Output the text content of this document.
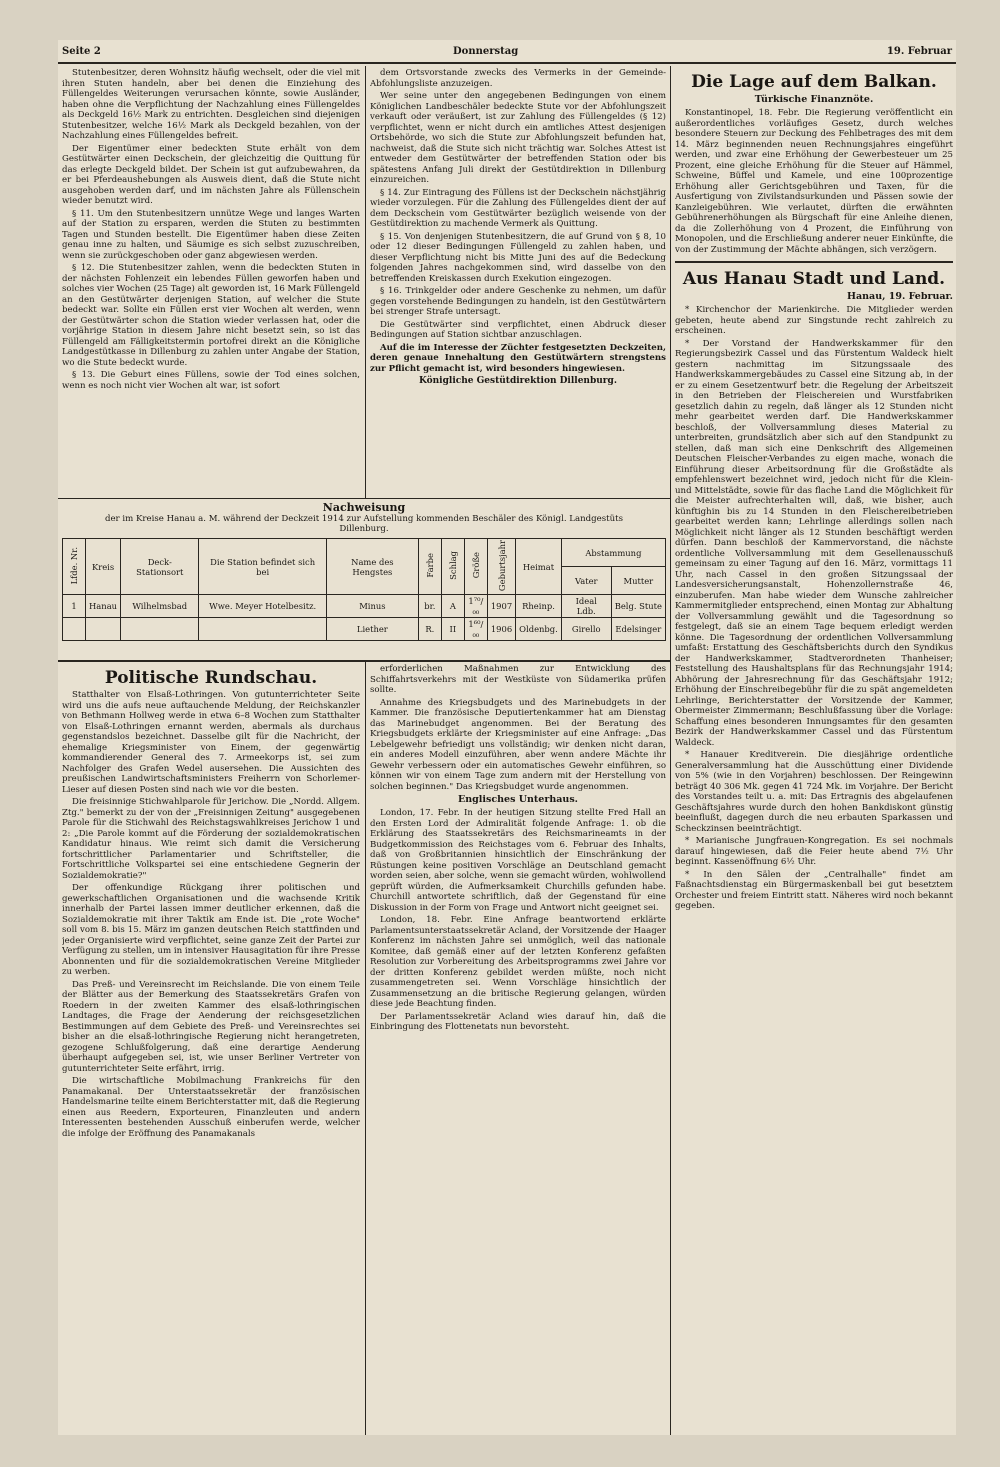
Seite 2	Donnerstag	19. Februar

Stutenbesitzer, deren Wohnsitz häufig wechselt, oder die viel mit ihren Stuten handeln, aber bei denen die Einziehung des Füllengeldes Weiterungen verursachen könnte, sowie Ausländer, haben ohne die Verpflichtung der Nachzahlung eines Füllengeldes als Deckgeld 16½ Mark zu entrichten. Desgleichen sind diejenigen Stutenbesitzer, welche 16½ Mark als Deckgeld bezahlen, von der Nachzahlung eines Füllengeldes befreit.

Der Eigentümer einer bedeckten Stute erhält von dem Gestütwärter einen Deckschein, der gleichzeitig die Quittung für das erlegte Deckgeld bildet. Der Schein ist gut aufzubewahren, da er bei Pferdeaushebungen als Ausweis dient, daß die Stute nicht ausgehoben werden darf, und im nächsten Jahre als Füllenschein wieder benutzt wird.

§ 11. Um den Stutenbesitzern unnütze Wege und langes Warten auf der Station zu ersparen, werden die Stuten zu bestimmten Tagen und Stunden bestellt. Die Eigentümer haben diese Zeiten genau inne zu halten, und Säumige es sich selbst zuzuschreiben, wenn sie zurückgeschoben oder ganz abgewiesen werden.

§ 12. Die Stutenbesitzer zahlen, wenn die bedeckten Stuten in der nächsten Fohlenzeit ein lebendes Füllen geworfen haben und solches vier Wochen (25 Tage) alt geworden ist, 16 Mark Füllengeld an den Gestütwärter derjenigen Station, auf welcher die Stute bedeckt war. Sollte ein Füllen erst vier Wochen alt werden, wenn der Gestütwärter schon die Station wieder verlassen hat, oder die vorjährige Station in diesem Jahre nicht besetzt sein, so ist das Füllengeld am Fälligkeitstermin portofrei direkt an die Königliche Landgestütkasse in Dillenburg zu zahlen unter Angabe der Station, wo die Stute bedeckt wurde.

§ 13. Die Geburt eines Füllens, sowie der Tod eines solchen, wenn es noch nicht vier Wochen alt war, ist sofort

dem Ortsvorstande zwecks des Vermerks in der Gemeinde-Abfohlungsliste anzuzeigen.

Wer seine unter den angegebenen Bedingungen von einem Königlichen Landbeschäler bedeckte Stute vor der Abfohlungszeit verkauft oder veräußert, ist zur Zahlung des Füllengeldes (§ 12) verpflichtet, wenn er nicht durch ein amtliches Attest desjenigen Ortsbehörde, wo sich die Stute zur Abfohlungszeit befunden hat, nachweist, daß die Stute sich nicht trächtig war. Solches Attest ist entweder dem Gestütwärter der betreffenden Station oder bis spätestens Anfang Juli direkt der Gestütdirektion in Dillenburg einzureichen.

§ 14. Zur Eintragung des Füllens ist der Deckschein nächstjährig wieder vorzulegen. Für die Zahlung des Füllengeldes dient der auf dem Deckschein vom Gestütwärter bezüglich weisende von der Gestütdirektion zu machende Vermerk als Quittung.

§ 15. Von denjenigen Stutenbesitzern, die auf Grund von § 8, 10 oder 12 dieser Bedingungen Füllengeld zu zahlen haben, und dieser Verpflichtung nicht bis Mitte Juni des auf die Bedeckung folgenden Jahres nachgekommen sind, wird dasselbe von den betreffenden Kreiskassen durch Exekution eingezogen.

§ 16. Trinkgelder oder andere Geschenke zu nehmen, um dafür gegen vorstehende Bedingungen zu handeln, ist den Gestütwärtern bei strenger Strafe untersagt.

Die Gestütwärter sind verpflichtet, einen Abdruck dieser Bedingungen auf Station sichtbar anzuschlagen.

Auf die im Interesse der Züchter festgesetzten Deckzeiten, deren genaue Innehaltung den Gestütwärtern strengstens zur Pflicht gemacht ist, wird besonders hingewiesen.

Königliche Gestütdirektion Dillenburg.
Nachweisung
der im Kreise Hanau a. M. während der Deckzeit 1914 zur Aufstellung kommenden Beschäler des Königl. Landgestüts Dillenburg.
Lfde. Nr.	Kreis	Deck-Stationsort	Die Station befindet sich bei	Name des Hengstes	Farbe	Schlag	Größe	Geburtsjahr	Heimat	Abstammung	
										Vater	Mutter
1	Hanau	Wilhelmsbad	Wwe. Meyer Hotelbesitz.	Minus	br.	A	1⁷⁰/₀₀	1907	Rheinp.	Ideal Ldb.	Belg. Stute
				Liether	R.	II	1⁶⁰/₀₀	1906	Oldenbg.	Girello	Edelsinger
Politische Rundschau.

Statthalter von Elsaß-Lothringen. Von gutunterrichteter Seite wird uns die aufs neue auftauchende Meldung, der Reichskanzler von Bethmann Hollweg werde in etwa 6–8 Wochen zum Statthalter von Elsaß-Lothringen ernannt werden, abermals als durchaus gegenstandslos bezeichnet. Dasselbe gilt für die Nachricht, der ehemalige Kriegsminister von Einem, der gegenwärtig kommandierender General des 7. Armeekorps ist, sei zum Nachfolger des Grafen Wedel ausersehen. Die Aussichten des preußischen Landwirtschaftsministers Freiherrn von Schorlemer-Lieser auf diesen Posten sind nach wie vor die besten.

Die freisinnige Stichwahlparole für Jerichow. Die „Nordd. Allgem. Ztg." bemerkt zu der von der „Freisinnigen Zeitung" ausgegebenen Parole für die Stichwahl des Reichstagswahlkreises Jerichow 1 und 2: „Die Parole kommt auf die Förderung der sozialdemokratischen Kandidatur hinaus. Wie reimt sich damit die Versicherung fortschrittlicher Parlamentarier und Schriftsteller, die Fortschrittliche Volkspartei sei eine entschiedene Gegnerin der Sozialdemokratie?"

Der offenkundige Rückgang ihrer politischen und gewerkschaftlichen Organisationen und die wachsende Kritik innerhalb der Partei lassen immer deutlicher erkennen, daß die Sozialdemokratie mit ihrer Taktik am Ende ist. Die „rote Woche" soll vom 8. bis 15. März im ganzen deutschen Reich stattfinden und jeder Organisierte wird verpflichtet, seine ganze Zeit der Partei zur Verfügung zu stellen, um in intensiver Hausagitation für ihre Presse Abonnenten und für die sozialdemokratischen Vereine Mitglieder zu werben.

Das Preß- und Vereinsrecht im Reichslande. Die von einem Teile der Blätter aus der Bemerkung des Staatssekretärs Grafen von Roedern in der zweiten Kammer des elsaß-lothringischen Landtages, die Frage der Aenderung der reichsgesetzlichen Bestimmungen auf dem Gebiete des Preß- und Vereinsrechtes sei bisher an die elsaß-lothringische Regierung nicht herangetreten, gezogene Schlußfolgerung, daß eine derartige Aenderung überhaupt aufgegeben sei, ist, wie unser Berliner Vertreter von gutunterrichteter Seite erfährt, irrig.

Die wirtschaftliche Mobilmachung Frankreichs für den Panamakanal. Der Unterstaatssekretär der französischen Handelsmarine teilte einem Berichterstatter mit, daß die Regierung einen aus Reedern, Exporteuren, Finanzleuten und andern Interessenten bestehenden Ausschuß einberufen werde, welcher die infolge der Eröffnung des Panamakanals

erforderlichen Maßnahmen zur Entwicklung des Schiffahrtsverkehrs mit der Westküste von Südamerika prüfen sollte.

Annahme des Kriegsbudgets und des Marinebudgets in der Kammer. Die französische Deputiertenkammer hat am Dienstag das Marinebudget angenommen. Bei der Beratung des Kriegsbudgets erklärte der Kriegsminister auf eine Anfrage: „Das Lebelgewehr befriedigt uns vollständig; wir denken nicht daran, ein anderes Modell einzuführen, aber wenn andere Mächte ihr Gewehr verbessern oder ein automatisches Gewehr einführen, so können wir von einem Tage zum andern mit der Herstellung von solchen beginnen." Das Kriegsbudget wurde angenommen.

Englisches Unterhaus.

London, 17. Febr. In der heutigen Sitzung stellte Fred Hall an den Ersten Lord der Admiralität folgende Anfrage: 1. ob die Erklärung des Staatssekretärs des Reichsmarineamts in der Budgetkommission des Reichstages vom 6. Februar des Inhalts, daß von Großbritannien hinsichtlich der Einschränkung der Rüstungen keine positiven Vorschläge an Deutschland gemacht worden seien, aber solche, wenn sie gemacht würden, wohlwollend geprüft würden, die Aufmerksamkeit Churchills gefunden habe. Churchill antwortete schriftlich, daß der Gegenstand für eine Diskussion in der Form von Frage und Antwort nicht geeignet sei.

London, 18. Febr. Eine Anfrage beantwortend erklärte Parlamentsunterstaatssekretär Acland, der Vorsitzende der Haager Konferenz im nächsten Jahre sei unmöglich, weil das nationale Komitee, daß gemäß einer auf der letzten Konferenz gefaßten Resolution zur Vorbereitung des Arbeitsprogramms zwei Jahre vor der dritten Konferenz gebildet werden müßte, noch nicht zusammengetreten sei. Wenn Vorschläge hinsichtlich der Zusammensetzung an die britische Regierung gelangen, würden diese jede Beachtung finden.

Der Parlamentssekretär Acland wies darauf hin, daß die Einbringung des Flottenetats nun bevorsteht.

Die Lage auf dem Balkan.
Türkische Finanznöte.

Konstantinopel, 18. Febr. Die Regierung veröffentlicht ein außerordentliches vorläufiges Gesetz, durch welches besondere Steuern zur Deckung des Fehlbetrages des mit dem 14. März beginnenden neuen Rechnungsjahres eingeführt werden, und zwar eine Erhöhung der Gewerbesteuer um 25 Prozent, eine gleiche Erhöhung für die Steuer auf Hämmel, Schweine, Büffel und Kamele, und eine 100prozentige Erhöhung aller Gerichtsgebühren und Taxen, für die Ausfertigung von Zivilstandsurkunden und Pässen sowie der Kanzleigebühren. Wie verlautet, dürften die erwähnten Gebührenerhöhungen als Bürgschaft für eine Anleihe dienen, da die Zollerhöhung von 4 Prozent, die Einführung von Monopolen, und die Erschließung anderer neuer Einkünfte, die von der Zustimmung der Mächte abhängen, sich verzögern.

Aus Hanau Stadt und Land.
Hanau, 19. Februar.

* Kirchenchor der Marienkirche. Die Mitglieder werden gebeten, heute abend zur Singstunde recht zahlreich zu erscheinen.

* Der Vorstand der Handwerkskammer für den Regierungsbezirk Cassel und das Fürstentum Waldeck hielt gestern nachmittag im Sitzungssaale des Handwerkskammergebäudes zu Cassel eine Sitzung ab, in der er zu einem Gesetzentwurf betr. die Regelung der Arbeitszeit in den Betrieben der Fleischereien und Wurstfabriken gesetzlich dahin zu regeln, daß länger als 12 Stunden nicht mehr gearbeitet werden darf. Die Handwerkskammer beschloß, der Vollversammlung dieses Material zu unterbreiten, grundsätzlich aber sich auf den Standpunkt zu stellen, daß man sich eine Denkschrift des Allgemeinen Deutschen Fleischer-Verbandes zu eigen mache, wonach die Einführung dieser Arbeitsordnung für die Großstädte als empfehlenswert bezeichnet wird, jedoch nicht für die Klein- und Mittelstädte, sowie für das flache Land die Möglichkeit für die Meister aufrechterhalten will, daß, wie bisher, auch künftighin bis zu 14 Stunden in den Fleischereibetrieben gearbeitet werden kann; Lehrlinge allerdings sollen nach Möglichkeit nicht länger als 12 Stunden beschäftigt werden dürfen. Dann beschloß der Kammervorstand, die nächste ordentliche Vollversammlung mit dem Gesellenausschuß gemeinsam zu einer Tagung auf den 16. März, vormittags 11 Uhr, nach Cassel in den großen Sitzungssaal der Landesversicherungsanstalt, Hohenzollernstraße 46, einzuberufen. Man habe wieder dem Wunsche zahlreicher Kammermitglieder entsprechend, einen Montag zur Abhaltung der Vollversammlung gewählt und die Tagesordnung so festgelegt, daß sie an einem Tage bequem erledigt werden könne. Die Tagesordnung der ordentlichen Vollversammlung umfaßt: Erstattung des Geschäftsberichts durch den Syndikus der Handwerkskammer, Stadtverordneten Thanheiser; Feststellung des Haushaltsplans für das Rechnungsjahr 1914; Abhörung der Jahresrechnung für das Geschäftsjahr 1912; Erhöhung der Einschreibegebühr für die zu spät angemeldeten Lehrlinge, Berichterstatter der Vorsitzende der Kammer, Obermeister Zimmermann; Beschlußfassung über die Vorlage: Schaffung eines besonderen Innungsamtes für den gesamten Bezirk der Handwerkskammer Cassel und das Fürstentum Waldeck.

* Hanauer Kreditverein. Die diesjährige ordentliche Generalversammlung hat die Ausschüttung einer Dividende von 5% (wie in den Vorjahren) beschlossen. Der Reingewinn beträgt 40 306 Mk. gegen 41 724 Mk. im Vorjahre. Der Bericht des Vorstandes teilt u. a. mit: Das Ertragnis des abgelaufenen Geschäftsjahres wurde durch den hohen Bankdiskont günstig beeinflußt, dagegen durch die neu erbauten Sparkassen und Scheckzinsen beeinträchtigt.

* Marianische Jungfrauen-Kongregation. Es sei nochmals darauf hingewiesen, daß die Feier heute abend 7½ Uhr beginnt. Kassenöffnung 6½ Uhr.

* In den Sälen der „Centralhalle" findet am Faßnachtsdienstag ein Bürgermaskenball bei gut besetztem Orchester und freiem Eintritt statt. Näheres wird noch bekannt gegeben.
